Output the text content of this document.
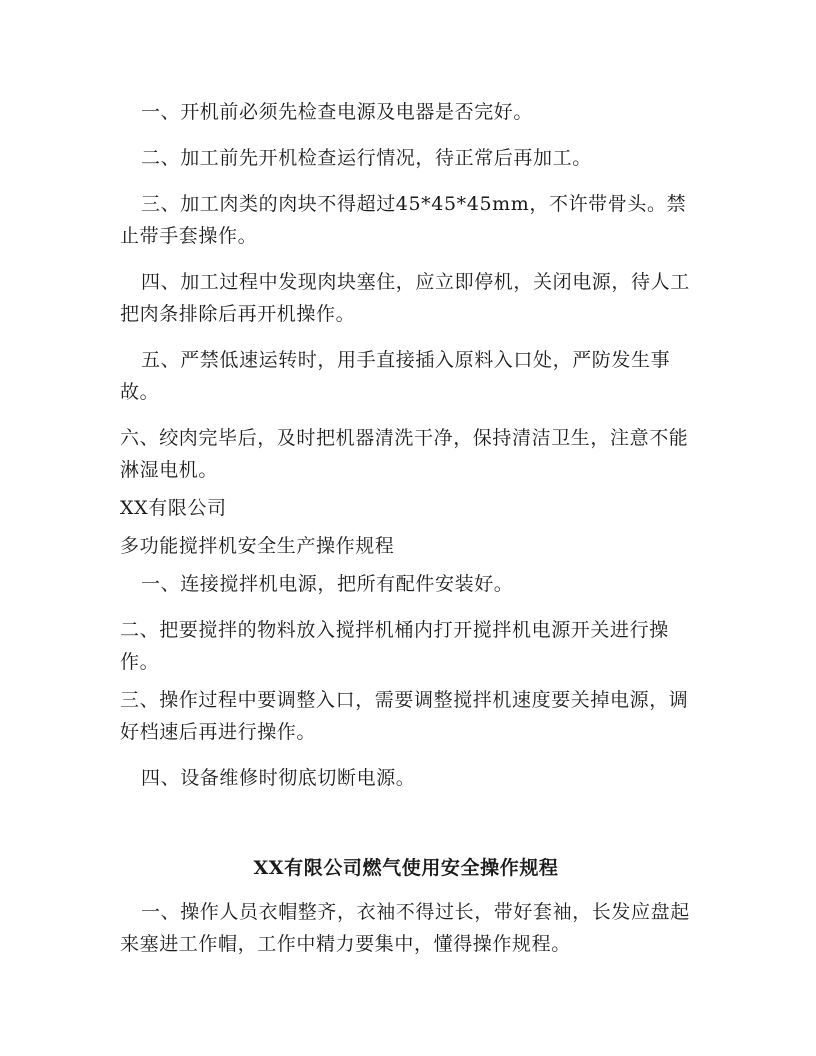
一、开机前必须先检查电源及电器是否完好。

二、加工前先开机检查运行情况，待正常后再加工。

三、加工肉类的肉块不得超过45*45*45mm，不许带骨头。禁止带手套操作。

四、加工过程中发现肉块塞住，应立即停机，关闭电源，待人工把肉条排除后再开机操作。

五、严禁低速运转时，用手直接插入原料入口处，严防发生事故。

六、绞肉完毕后，及时把机器清洗干净，保持清洁卫生，注意不能淋湿电机。

XX有限公司

多功能搅拌机安全生产操作规程

一、连接搅拌机电源，把所有配件安装好。

二、把要搅拌的物料放入搅拌机桶内打开搅拌机电源开关进行操作。

三、操作过程中要调整入口，需要调整搅拌机速度要关掉电源，调好档速后再进行操作。

四、设备维修时彻底切断电源。

XX有限公司燃气使用安全操作规程

一、操作人员衣帽整齐，衣袖不得过长，带好套袖，长发应盘起来塞进工作帽，工作中精力要集中，懂得操作规程。
